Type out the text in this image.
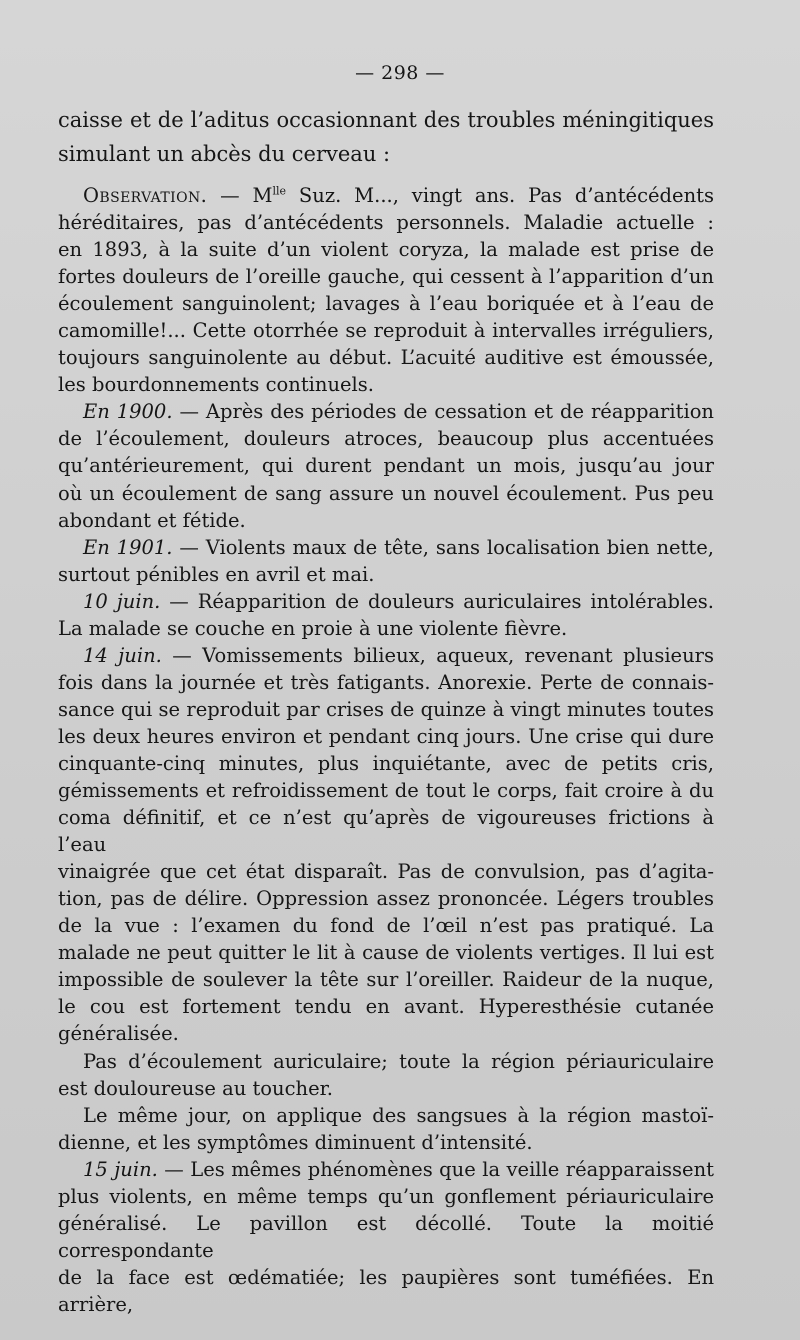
— 298 —

caisse et de l’aditus occasionnant des troubles méningitiques

simulant un abcès du cerveau :

Observation. — $M^{lle}$ Suz. M..., vingt ans. Pas d’antécédents

héréditaires, pas d’antécédents personnels. Maladie actuelle :

en 1893, à la suite d’un violent coryza, la malade est prise de

fortes douleurs de l’oreille gauche, qui cessent à l’apparition d’un

écoulement sanguinolent; lavages à l’eau boriquée et à l’eau de

camomille!... Cette otorrhée se reproduit à intervalles irréguliers,

toujours sanguinolente au début. L’acuité auditive est émoussée,

les bourdonnements continuels.

En 1900. — Après des périodes de cessation et de réapparition

de l’écoulement, douleurs atroces, beaucoup plus accentuées

qu’antérieurement, qui durent pendant un mois, jusqu’au jour

où un écoulement de sang assure un nouvel écoulement. Pus peu

abondant et fétide.

En 1901. — Violents maux de tête, sans localisation bien nette,

surtout pénibles en avril et mai.

10 juin. — Réapparition de douleurs auriculaires intolérables.

La malade se couche en proie à une violente fièvre.

14 juin. — Vomissements bilieux, aqueux, revenant plusieurs

fois dans la journée et très fatigants. Anorexie. Perte de connais-

sance qui se reproduit par crises de quinze à vingt minutes toutes

les deux heures environ et pendant cinq jours. Une crise qui dure

cinquante-cinq minutes, plus inquiétante, avec de petits cris,

gémissements et refroidissement de tout le corps, fait croire à du

coma définitif, et ce n’est qu’après de vigoureuses frictions à l’eau

vinaigrée que cet état disparaît. Pas de convulsion, pas d’agita-

tion, pas de délire. Oppression assez prononcée. Légers troubles

de la vue : l’examen du fond de l’œil n’est pas pratiqué. La

malade ne peut quitter le lit à cause de violents vertiges. Il lui est

impossible de soulever la tête sur l’oreiller. Raideur de la nuque,

le cou est fortement tendu en avant. Hyperesthésie cutanée

généralisée.

Pas d’écoulement auriculaire; toute la région périauriculaire

est douloureuse au toucher.

Le même jour, on applique des sangsues à la région mastoï-

dienne, et les symptômes diminuent d’intensité.

15 juin. — Les mêmes phénomènes que la veille réapparaissent

plus violents, en même temps qu’un gonflement périauriculaire

généralisé. Le pavillon est décollé. Toute la moitié correspondante

de la face est œdématiée; les paupières sont tuméfiées. En arrière,
